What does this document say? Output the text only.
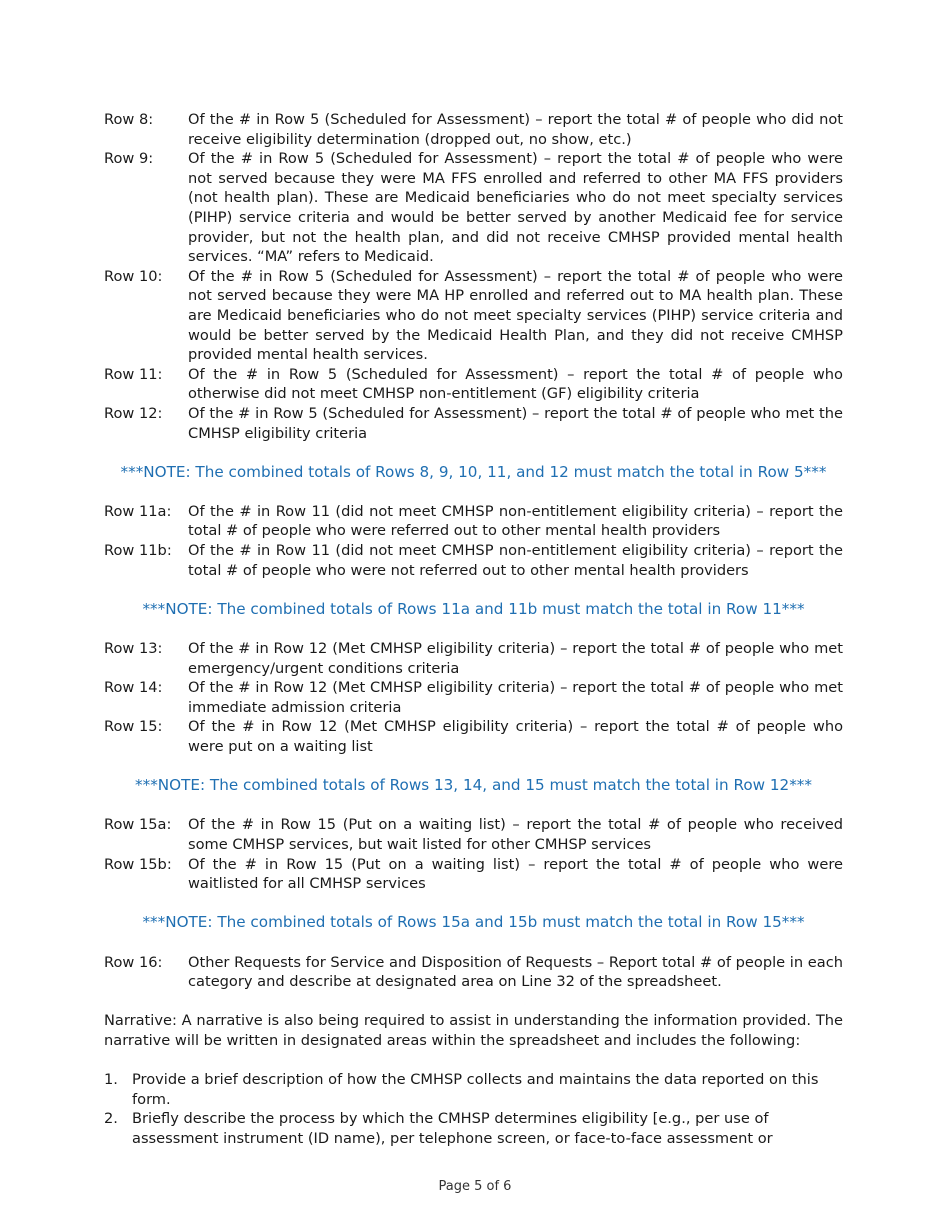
Row 8:	Of the # in Row 5 (Scheduled for Assessment) – report the total # of people who did not receive eligibility determination (dropped out, no show, etc.)
Row 9:	Of the # in Row 5 (Scheduled for Assessment) – report the total # of people who were not served because they were MA FFS enrolled and referred to other MA FFS providers (not health plan). These are Medicaid beneficiaries who do not meet specialty services (PIHP) service criteria and would be better served by another Medicaid fee for service provider, but not the health plan, and did not receive CMHSP provided mental health services. “MA” refers to Medicaid.
Row 10:	Of the # in Row 5 (Scheduled for Assessment) – report the total # of people who were not served because they were MA HP enrolled and referred out to MA health plan. These are Medicaid beneficiaries who do not meet specialty services (PIHP) service criteria and would be better served by the Medicaid Health Plan, and they did not receive CMHSP provided mental health services.
Row 11:	Of the # in Row 5 (Scheduled for Assessment) – report the total # of people who otherwise did not meet CMHSP non-entitlement (GF) eligibility criteria
Row 12:	Of the # in Row 5 (Scheduled for Assessment) – report the total # of people who met the CMHSP eligibility criteria
***NOTE: The combined totals of Rows 8, 9, 10, 11, and 12 must match the total in Row 5***
Row 11a:	Of the # in Row 11 (did not meet CMHSP non-entitlement eligibility criteria) – report the total # of people who were referred out to other mental health providers
Row 11b:	Of the # in Row 11 (did not meet CMHSP non-entitlement eligibility criteria) – report the total # of people who were not referred out to other mental health providers
***NOTE: The combined totals of Rows 11a and 11b must match the total in Row 11***
Row 13:	Of the # in Row 12 (Met CMHSP eligibility criteria) – report the total # of people who met emergency/urgent conditions criteria
Row 14:	Of the # in Row 12 (Met CMHSP eligibility criteria) – report the total # of people who met immediate admission criteria
Row 15:	Of the # in Row 12 (Met CMHSP eligibility criteria) – report the total # of people who were put on a waiting list
***NOTE: The combined totals of Rows 13, 14, and 15 must match the total in Row 12***
Row 15a:	Of the # in Row 15 (Put on a waiting list) – report the total # of people who received some CMHSP services, but wait listed for other CMHSP services
Row 15b:	Of the # in Row 15 (Put on a waiting list) – report the total # of people who were waitlisted for all CMHSP services
***NOTE: The combined totals of Rows 15a and 15b must match the total in Row 15***
Row 16:	Other Requests for Service and Disposition of Requests – Report total # of people in each category and describe at designated area on Line 32 of the spreadsheet.
Narrative: A narrative is also being required to assist in understanding the information provided. The narrative will be written in designated areas within the spreadsheet and includes the following:
1. Provide a brief description of how the CMHSP collects and maintains the data reported on this form.
2. Briefly describe the process by which the CMHSP determines eligibility [e.g., per use of assessment instrument (ID name), per telephone screen, or face-to-face assessment or
Page 5 of 6
